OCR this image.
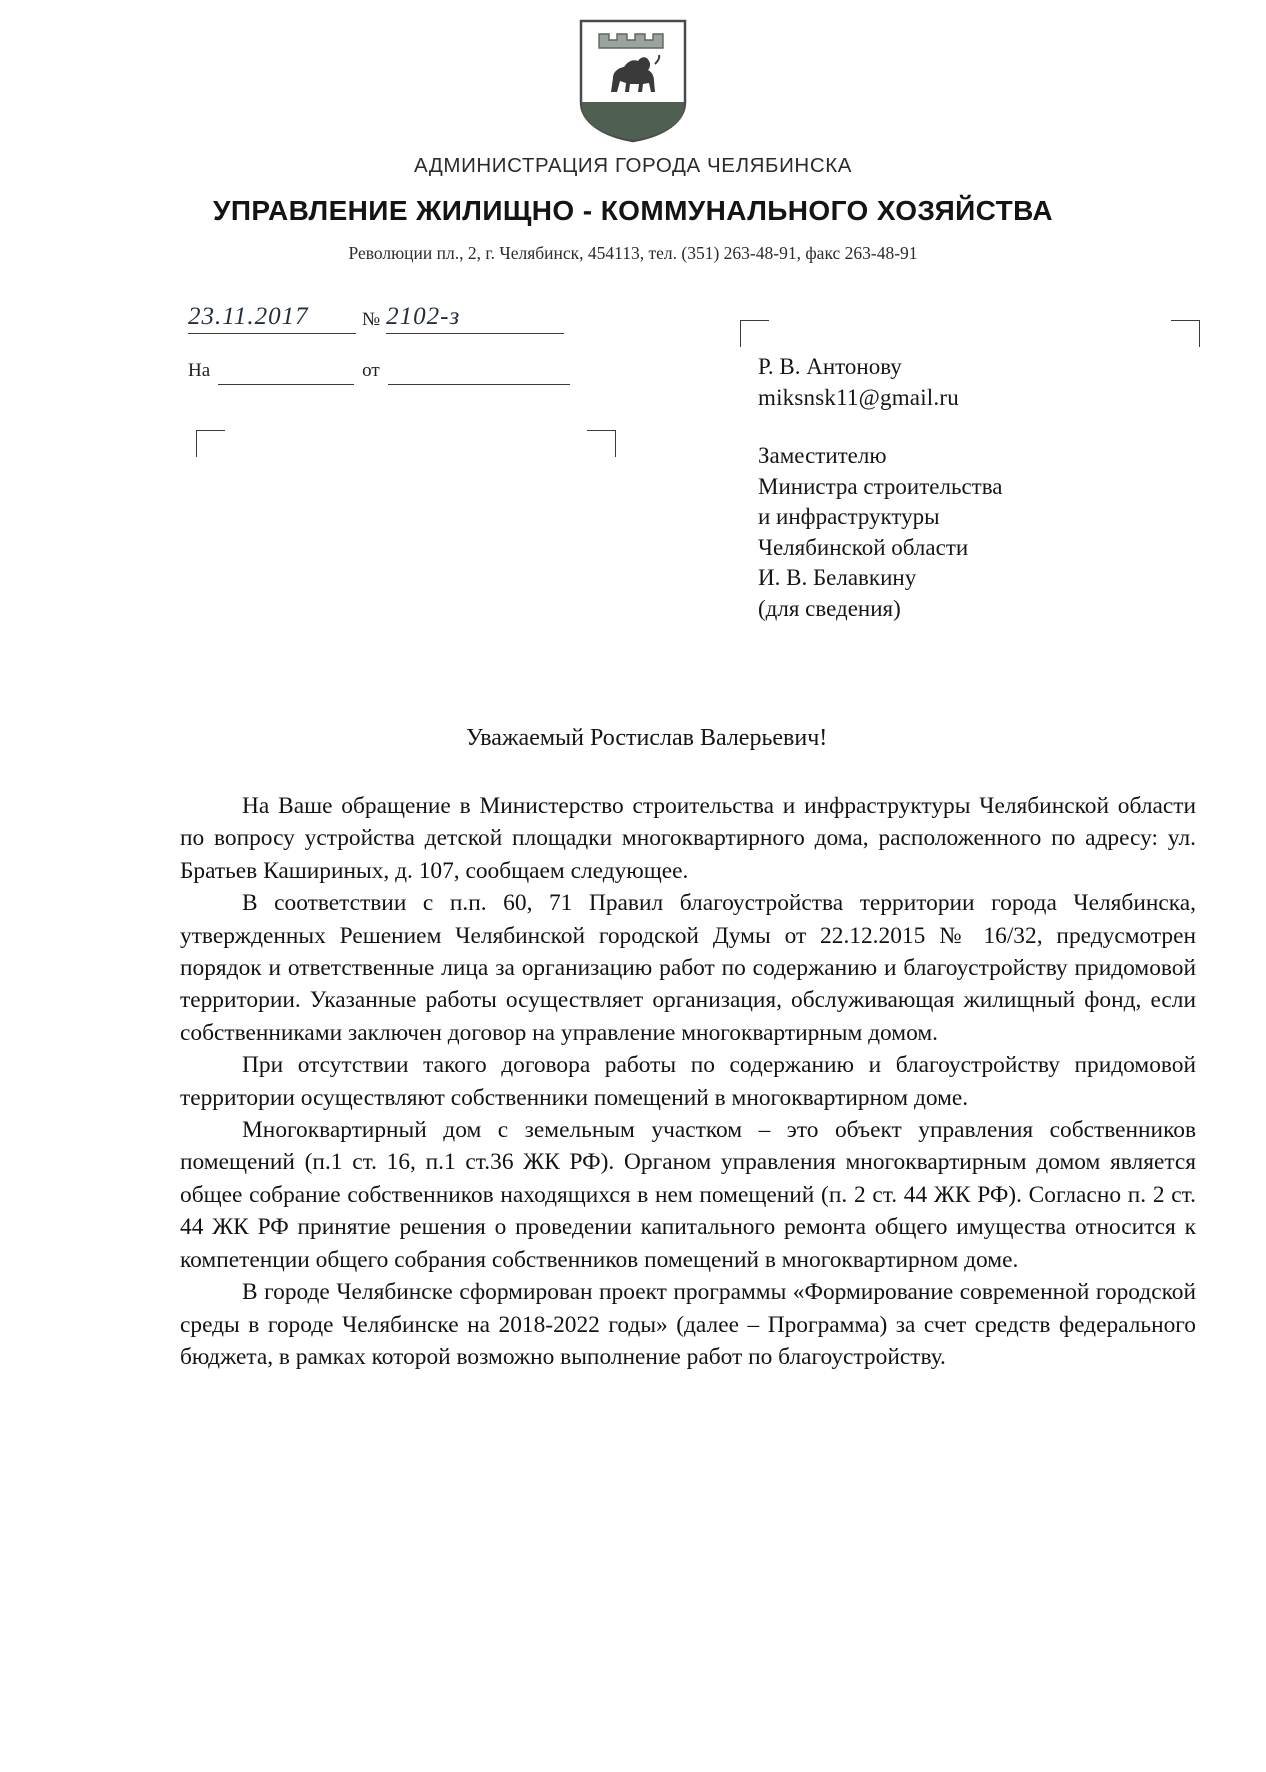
АДМИНИСТРАЦИЯ ГОРОДА ЧЕЛЯБИНСКА
УПРАВЛЕНИЕ ЖИЛИЩНО - КОММУНАЛЬНОГО ХОЗЯЙСТВА
Революции пл., 2, г. Челябинск, 454113, тел. (351) 263-48-91, факс 263-48-91
23.11.2017	№ 2102-з
На	от	Р. В. Антонову
miksnsk11@gmail.ru
Заместителю
Министра строительства
и инфраструктуры
Челябинской области
И. В. Белавкину
(для сведения)
Уважаемый Ростислав Валерьевич!

На Ваше обращение в Министерство строительства и инфраструктуры Челябинской области по вопросу устройства детской площадки многоквартирного дома, расположенного по адресу: ул. Братьев Кашириных, д. 107, сообщаем следующее.

В соответствии с п.п. 60, 71 Правил благоустройства территории города Челябинска, утвержденных Решением Челябинской городской Думы от 22.12.2015 № 16/32, предусмотрен порядок и ответственные лица за организацию работ по содержанию и благоустройству придомовой территории. Указанные работы осуществляет организация, обслуживающая жилищный фонд, если собственниками заключен договор на управление многоквартирным домом.

При отсутствии такого договора работы по содержанию и благоустройству придомовой территории осуществляют собственники помещений в многоквартирном доме.

Многоквартирный дом с земельным участком – это объект управления собственников помещений (п.1 ст. 16, п.1 ст.36 ЖК РФ). Органом управления многоквартирным домом является общее собрание собственников находящихся в нем помещений (п. 2 ст. 44 ЖК РФ). Согласно п. 2 ст. 44 ЖК РФ принятие решения о проведении капитального ремонта общего имущества относится к компетенции общего собрания собственников помещений в многоквартирном доме.

В городе Челябинске сформирован проект программы «Формирование современной городской среды в городе Челябинске на 2018-2022 годы» (далее – Программа) за счет средств федерального бюджета, в рамках которой возможно выполнение работ по благоустройству.
